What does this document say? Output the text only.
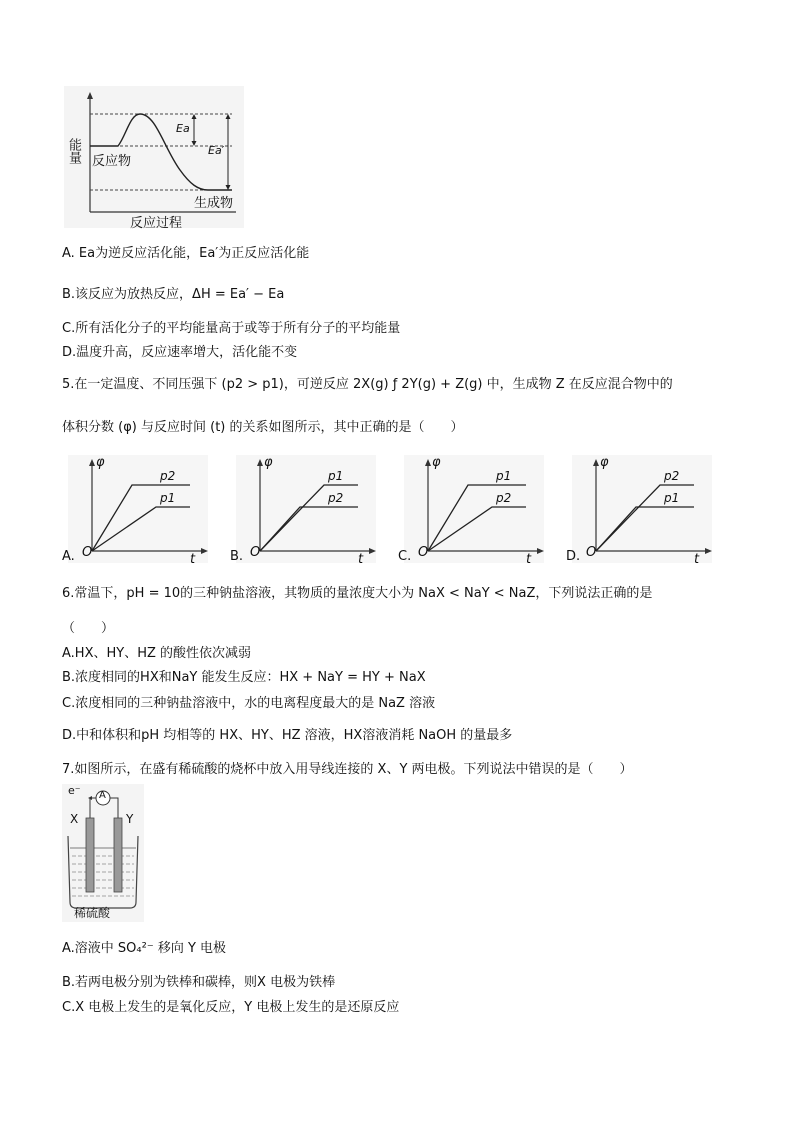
能量 反应物
生成物
反应过程
Ea
Ea′
A. Ea为逆反应活化能，Ea′为正反应活化能
B.该反应为放热反应，ΔH = Ea′ − Ea
C.所有活化分子的平均能量高于或等于所有分子的平均能量
D.温度升高，反应速率增大，活化能不变
5.在一定温度、不同压强下 (p2 > p1)，可逆反应 2X(g) ƒ 2Y(g) + Z(g) 中，生成物 Z 在反应混合物中的
体积分数 (φ) 与反应时间 (t) 的关系如图所示，其中正确的是（　　）
φ
t
O
p2
p1
A.
φ
t
O
p1
p2
B.
φ
t
O
p1
p2
C.
φ
t
O
p2
p1
D.
6.常温下，pH = 10的三种钠盐溶液，其物质的量浓度大小为 NaX < NaY < NaZ，下列说法正确的是
（　　）
A.HX、HY、HZ 的酸性依次减弱
B.浓度相同的HX和NaY 能发生反应：HX + NaY = HY + NaX
C.浓度相同的三种钠盐溶液中，水的电离程度最大的是 NaZ 溶液
D.中和体积和pH 均相等的 HX、HY、HZ 溶液，HX溶液消耗 NaOH 的量最多
7.如图所示，在盛有稀硫酸的烧杯中放入用导线连接的 X、Y 两电极。下列说法中错误的是（　　）
e⁻ A
X	Y
稀硫酸
A.溶液中 SO₄²⁻ 移向 Y 电极
B.若两电极分别为铁棒和碳棒，则X 电极为铁棒
C.X 电极上发生的是氧化反应，Y 电极上发生的是还原反应
